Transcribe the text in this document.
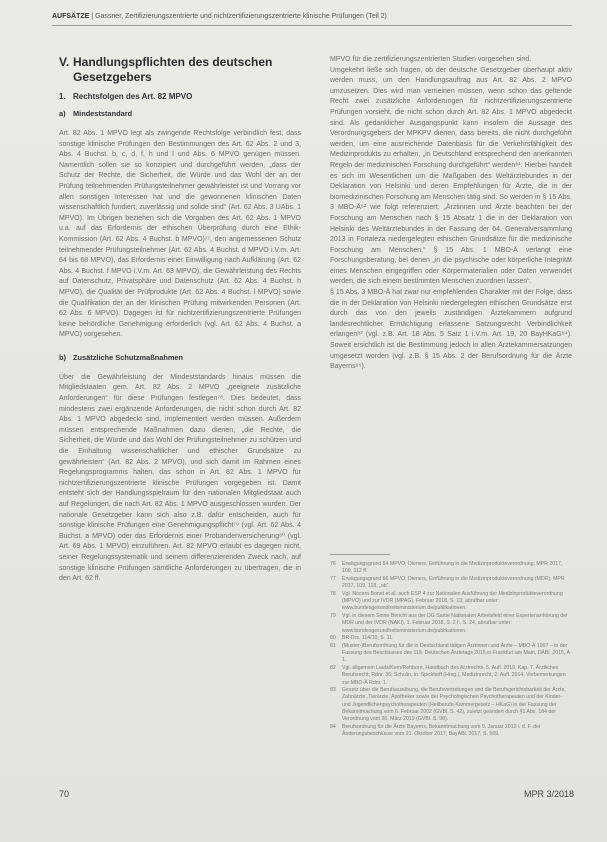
AUFSÄTZE | Gassner, Zertifizierungszentrierte und nichtzertifizierungszentrierte klinische Prüfungen (Teil 2)
V. Handlungspflichten des deutschen
Gesetzgebers
1. Rechtsfolgen des Art. 82 MPVO
a) Mindeststandard

Art. 82 Abs. 1 MPVO legt als zwingende Rechtsfolge verbindlich fest, dass sonstige klinische Prüfungen den Bestimmungen des Art. 62 Abs. 2 und 3, Abs. 4 Buchst. b, c, d, f, h und l und Abs. 6 MPVO genügen müssen. Namentlich sollen sie so konzipiert und durchgeführt werden, „dass der Schutz der Rechte, die Sicherheit, die Würde und das Wohl der an der Prüfung teilnehmenden Prüfungsteilnehmer gewährleistet ist und Vorrang vor allen sonstigen Interessen hat und die gewonnenen klinischen Daten wissenschaftlich fundiert, zuverlässig und solide sind“ (Art. 62 Abs. 3 UAbs. 1 MPVO). Im Übrigen beziehen sich die Vorgaben des Art. 62 Abs. 1 MPVO u.a. auf das Erfordernis der ethischen Überprüfung durch eine Ethik-Kommission (Art. 62 Abs. 4 Buchst. b MPVO)⁷⁷, den angemessenen Schutz teilnehmender Prüfungsteilnehmer (Art. 62 Abs. 4 Buchst. d MPVO i.V.m. Art. 64 bis 68 MPVO), das Erfordernis einer Einwilligung nach Aufklärung (Art. 62 Abs. 4 Buchst. f MPVO i.V.m. Art. 63 MPVO), die Gewährleistung des Rechts auf Datenschutz, Privatsphäre und Datenschutz (Art. 62 Abs. 4 Buchst. h MPVO), die Qualität der Prüfprodukte (Art. 62 Abs. 4 Buchst. l MPVO) sowie die Qualifikation der an der klinischen Prüfung mitwirkenden Personen (Art. 62 Abs. 6 MPVO). Dagegen ist für nichtzertifizierungszentrierte Prüfungen keine behördliche Genehmigung erforderlich (vgl. Art. 62 Abs. 4 Buchst. a MPVO) vorgesehen.

b) Zusätzliche Schutzmaßnahmen

Über die Gewährleistung der Mindeststandards hinaus müssen die Mitgliedstaaten gem. Art. 82 Abs. 2 MPVO „geeignete zusätzliche Anforderungen“ für diese Prüfungen festlegen⁷⁸. Dies bedeutet, dass mindestens zwei ergänzende Anforderungen, die nicht schon durch Art. 82 Abs. 1 MPVO abgedeckt sind, implementiert werden müssen. Außerdem müssen entsprechende Maßnahmen dazu dienen, „die Rechte, die Sicherheit, die Würde und das Wohl der Prüfungsteilnehmer zu schützen und die Einhaltung wissenschaftlicher und ethischer Grundsätze zu gewährleisten“ (Art. 82 Abs. 2 MPVO), und sich damit im Rahmen eines Regelungsprogramms halten, das schon in Art. 82 Abs. 1 MPVO für nichtzertifizierungszentrierte klinische Prüfungen vorgegeben ist. Damit entsteht sich der Handlungsspielraum für den nationalen Mitgliedstaat auch auf Regelungen, die nach Art. 82 Abs. 1 MPVO ausgeschlossen wurden. Der nationale Gesetzgeber kann sich also z.B. dafür entscheiden, auch für sonstige klinische Prüfungen eine Genehmigungspflicht⁷⁹ (vgl. Art. 62 Abs. 4 Buchst. a MPVO) oder das Erfordernis einer Probandenversicherung⁸⁰ (vgl. Art. 69 Abs. 1 MPVO) einzuführen. Art. 82 MPVO erlaubt es dagegen nicht, seiner Regelungssystematik und seinem differenzierenden Zweck nach, auf sonstige klinische Prüfungen sämtliche Anforderungen zu übertragen, die in den Art. 62 ff.

MPVO für die zertifizierungszentrierten Studien vorgesehen sind.

Umgekehrt ließe sich fragen, ob der deutsche Gesetzgeber überhaupt aktiv werden muss, um den Handlungsauftrag aus Art. 82 Abs. 2 MPVO umzusetzen. Dies wird man verneinen müssen, wenn schon das geltende Recht zwei zusätzliche Anforderungen für nichtzertifizierungszentrierte Prüfungen vorsieht, die nicht schon durch Art. 82 Abs. 1 MPVO abgedeckt sind. Als gedanklicher Ausgangspunkt kann insofern die Aussage des Verordnungsgebers der MPKPV dienen, dass bereits, die nicht durchgeführt werden, um eine ausreichende Datenbasis für die Verkehrsfähigkeit des Medizinprodukts zu erhalten, „in Deutschland entsprechend den anerkannten Regeln der medizinischen Forschung durchgeführt“ werden⁸¹. Hierbei handelt es sich im Wesentlichen um die Maßgaben des Weltärztebundes in der Deklaration von Helsinki und deren Empfehlungen für Ärzte, die in der biomedizinischen Forschung am Menschen tätig sind. So werden in § 15 Abs. 3 MBO-Ä⁸² wie folgt referenziert: „Ärztinnen und Ärzte beachten bei der Forschung am Menschen nach § 15 Absatz 1 die in der Deklaration von Helsinki des Weltärztebundes in der Fassung der 64. Generalversammlung 2013 in Fortaleza niedergelegten ethischen Grundsätze für die medizinische Forschung am Menschen.“ § 15 Abs. 1 MBO-Ä verlangt eine Forschungsberatung, bei denen „in die psychische oder körperliche Integrität eines Menschen eingegriffen oder Körpermaterialien oder Daten verwendet werden, die sich einem bestimmten Menschen zuordnen lassen“.

§ 15 Abs. 3 MBO-Ä hat zwar nur empfehlenden Charakter mit der Folge, dass die in der Deklaration von Helsinki niedergelegten ethischen Grundsätze erst durch das von den jeweils zuständigen Ärztekammern aufgrund landesrechtlicher Ermächtigung erlassene Satzungsrecht Verbindlichkeit erlangen⁸³ (vgl. z.B. Art. 18 Abs. 5 Satz 1 i.V.m. Art. 19, 20 BayHKaG⁸⁴). Soweit ersichtlich ist die Bestimmung jedoch in allen Ärztekammersatzungen umgesetzt worden (vgl. z.B. § 15 Abs. 2 der Berufsordnung für die Ärzte Bayerns⁸⁵).

76	Erwägungsgrund 64 MPVO; Dieners, Einführung in die Medizinprodukteverordnung, MPR 2017, 109, 112 ff.
77	Erwägungsgrund 66 MPVO; Dieners, Einführung in die Medizinprodukteverordnung (MDR), MPR 2017, 109, 118, „ob“.
78	Vgl. Nocera Bonet et al. auch ESP 4 zur Nationalen Ausführung der Medizinprodukteverordnung (MPVO) und zur IVDR (MPAG), Februar 2018, S. 13, abrufbar unter: www.bundesgesundheitsministerium.de/publikationen.
79	Vgl. in diesem Sinne Bericht aus der DG Sante Nationalen Arbeitsfeld einer Expertenanhörung der MDR und der IVDR (NAKI), 1. Februar 2018, S. 2 f., S. 24, abrufbar unter: www.bundesgesundheitsministerium.de/publikationen.
80	BR-Drs. 114/10, S. 11.
81	(Muster-)Berufsordnung für die in Deutschland tätigen Ärztinnen und Ärzte – MBO-Ä 1997 – in der Fassung des Beschlusses des 118. Deutschen Ärztetags 2015 in Frankfurt am Main, DÄBl. 2015, A 1.
82	Vgl. allgemein Laufs/Kern/Rehborn, Handbuch des Arztrechts, 5. Aufl. 2019, Kap. 7. Ärztliches Berufsrecht, Rdnr. 36; Schulin, in: Spickhoff (Hrsg.), Medizinrecht, 2. Aufl. 2014, Vorbemerkungen zur MBO-Ä Rdnr. 1.
83	Gesetz über die Berufsausübung, die Berufsvertretungen und die Berufsgerichtsbarkeit der Ärzte, Zahnärzte, Tierärzte, Apotheker sowie der Psychologischen Psychotherapeuten und der Kinder- und Jugendlichenpsychotherapeuten (Heilberufe-Kammergesetz – HKaG) in der Fassung der Bekanntmachung vom 6. Februar 2002 (GVBl. S. 42), zuletzt geändert durch §1 Abs. 184 der Verordnung vom 26. März 2019 (GVBl. S. 98).
84	Berufsordnung für die Ärzte Bayerns, Bekanntmachung vom 9. Januar 2012 i. d. F. der Änderungsbeschlüsse vom 21. Oktober 2017, BayÄBl. 2017, S. 569.
70	MPR 3/2018
